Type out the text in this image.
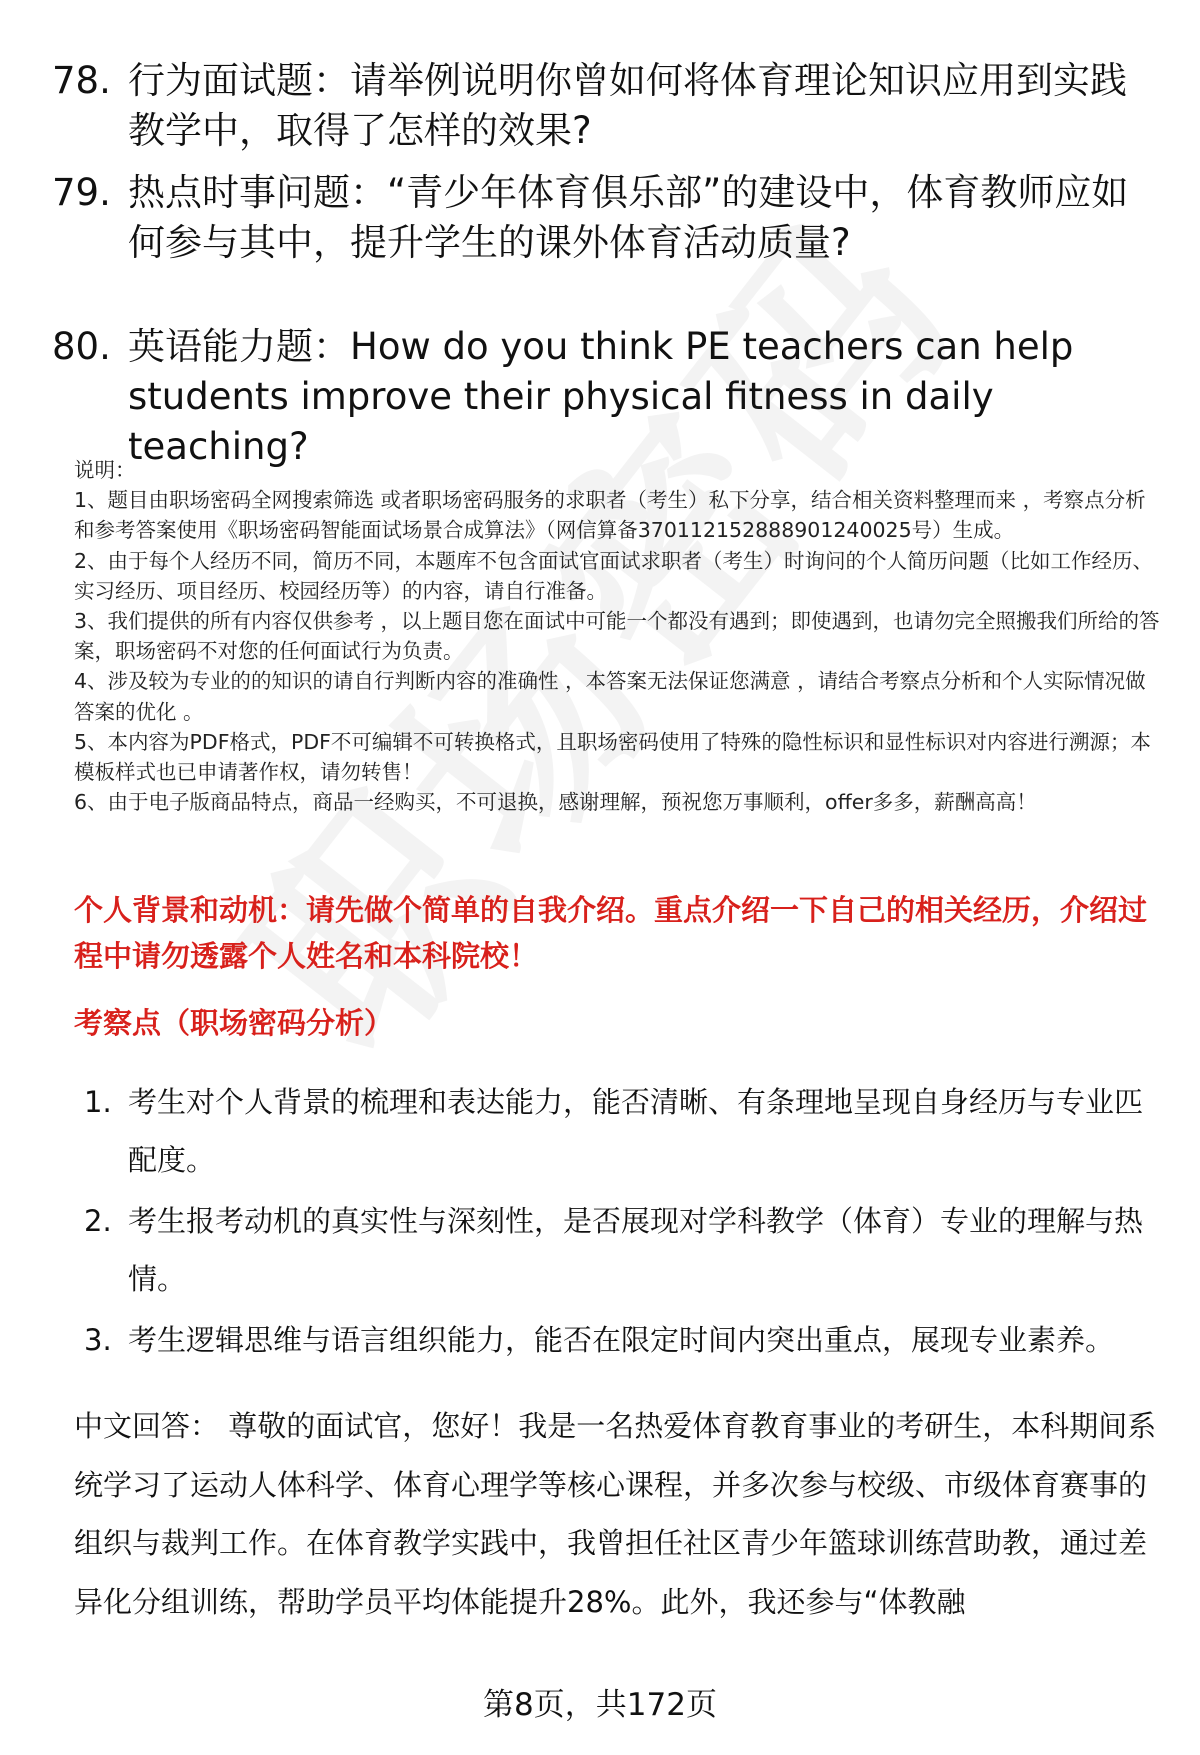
78. 行为面试题：请举例说明你曾如何将体育理论知识应用到实践教学中，取得了怎样的效果?
79. 热点时事问题：“青少年体育俱乐部”的建设中，体育教师应如何参与其中，提升学生的课外体育活动质量?
80. 英语能力题：How do you think PE teachers can help students improve their physical fitness in daily teaching?

说明：

1、题目由职场密码全网搜索筛选 或者职场密码服务的求职者（考生）私下分享，结合相关资料整理而来 ，考察点分析和参考答案使用《职场密码智能面试场景合成算法》（网信算备370112152888901240025号）生成。

2、由于每个人经历不同，简历不同，本题库不包含面试官面试求职者（考生）时询问的个人简历问题（比如工作经历、实习经历、项目经历、校园经历等）的内容，请自行准备。

3、我们提供的所有内容仅供参考 ，以上题目您在面试中可能一个都没有遇到；即使遇到，也请勿完全照搬我们所给的答案，职场密码不对您的任何面试行为负责。

4、涉及较为专业的的知识的请自行判断内容的准确性 ，本答案无法保证您满意 ，请结合考察点分析和个人实际情况做答案的优化 。

5、本内容为PDF格式，PDF不可编辑不可转换格式，且职场密码使用了特殊的隐性标识和显性标识对内容进行溯源；本模板样式也已申请著作权，请勿转售！

6、由于电子版商品特点，商品一经购买，不可退换，感谢理解，预祝您万事顺利，offer多多，薪酬高高！

个人背景和动机：请先做个简单的自我介绍。重点介绍一下自己的相关经历，介绍过程中请勿透露个人姓名和本科院校！
考察点（职场密码分析）
1. 考生对个人背景的梳理和表达能力，能否清晰、有条理地呈现自身经历与专业匹配度。
2. 考生报考动机的真实性与深刻性，是否展现对学科教学（体育）专业的理解与热情。
3. 考生逻辑思维与语言组织能力，能否在限定时间内突出重点，展现专业素养。

中文回答： 尊敬的面试官，您好！我是一名热爱体育教育事业的考研生，本科期间系统学习了运动人体科学、体育心理学等核心课程，并多次参与校级、市级体育赛事的组织与裁判工作。在体育教学实践中，我曾担任社区青少年篮球训练营助教，通过差异化分组训练，帮助学员平均体能提升28%。此外，我还参与“体教融

第8页，共172页
